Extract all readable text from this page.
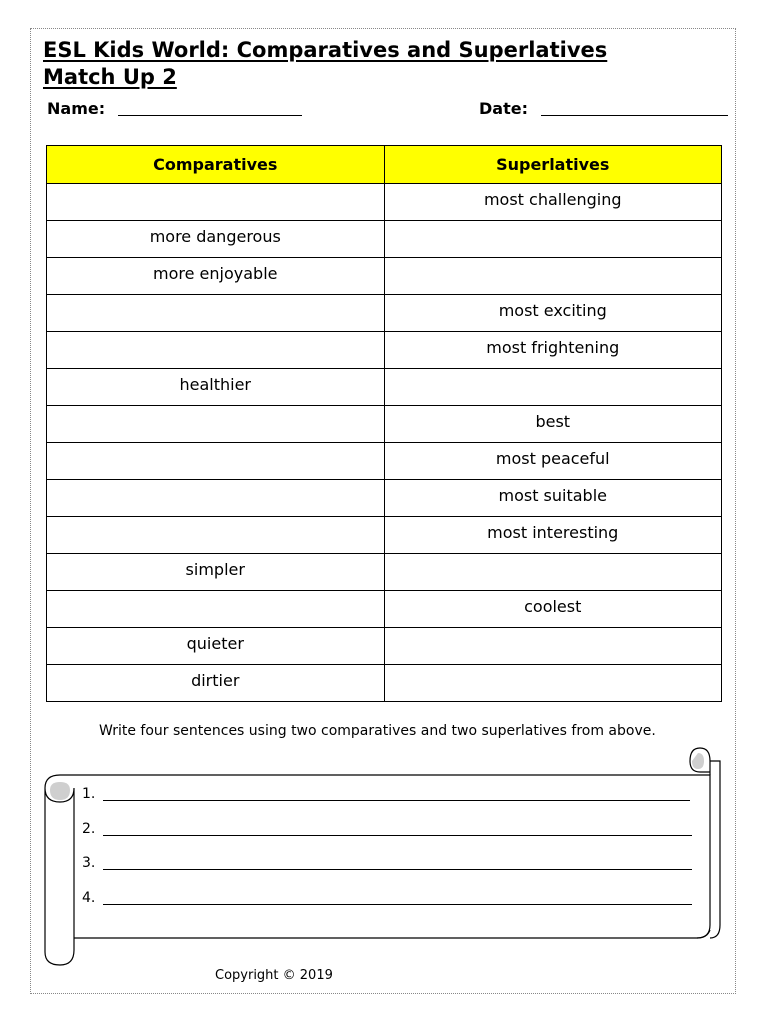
ESL Kids World: Comparatives and Superlatives
Match Up 2
Name:	Date:
Comparatives	Superlatives
	most challenging
more dangerous	
more enjoyable	
	most exciting
	most frightening
healthier	
	best
	most peaceful
	most suitable
	most interesting
simpler	
	coolest
quieter	
dirtier	
Write four sentences using two comparatives and two superlatives from above.
1.
2.
3.
4.
Copyright © 2019
